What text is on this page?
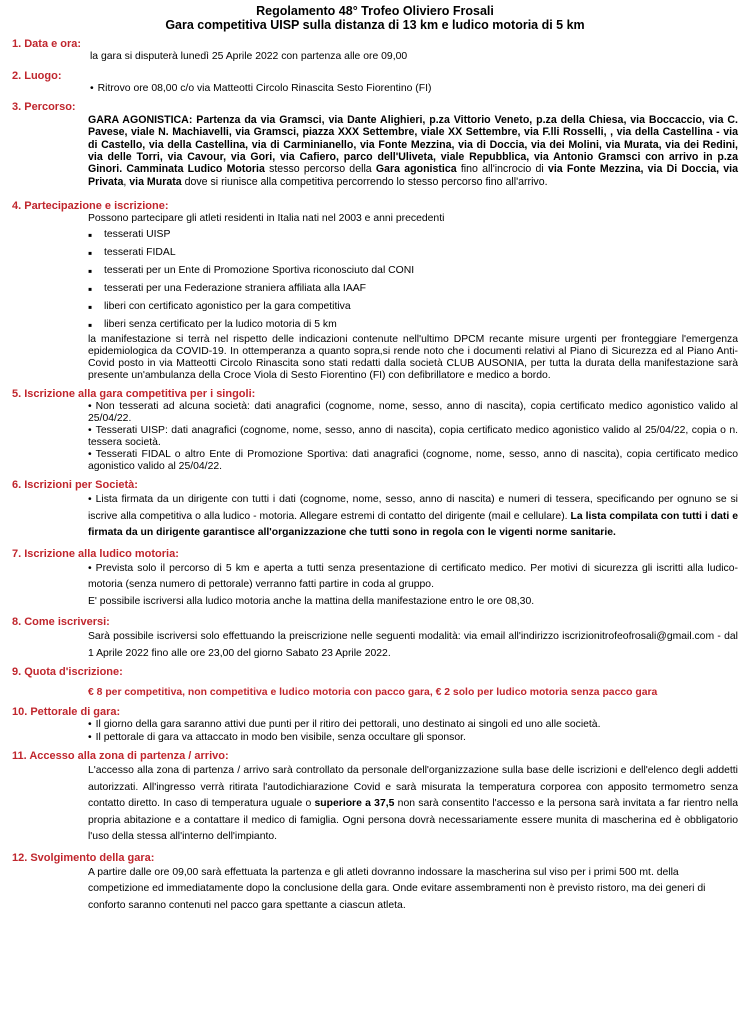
Regolamento 48° Trofeo Oliviero Frosali
Gara competitiva UISP sulla distanza di 13 km e ludico motoria di 5 km
1. Data e ora:
la gara si disputerà lunedì 25 Aprile 2022 con partenza alle ore 09,00
2. Luogo:
• Ritrovo ore 08,00 c/o via Matteotti Circolo Rinascita Sesto Fiorentino (FI)
3. Percorso:
GARA AGONISTICA: Partenza da via Gramsci, via Dante Alighieri, p.za Vittorio Veneto, p.za della Chiesa, via Boccaccio, via C. Pavese, viale N. Machiavelli, via Gramsci, piazza XXX Settembre, viale XX Settembre, via F.lli Rosselli, , via della Castellina - via di Castello, via della Castellina, via di Carminianello, via Fonte Mezzina, via di Doccia, via dei Molini, via Murata, via dei Redini, via delle Torri, via Cavour, via Gori, via Cafiero, parco dell'Uliveta, viale Repubblica, via Antonio Gramsci con arrivo in p.za Ginori. Camminata Ludico Motoria stesso percorso della Gara agonistica fino all'incrocio di via Fonte Mezzina, via Di Doccia, via Privata, via Murata dove si riunisce alla competitiva percorrendo lo stesso percorso fino all'arrivo.
4. Partecipazione e iscrizione:
Possono partecipare gli atleti residenti in Italia nati nel 2003 e anni precedenti
▪ tesserati UISP
▪ tesserati FIDAL
▪ tesserati per un Ente di Promozione Sportiva riconosciuto dal CONI
▪ tesserati per una Federazione straniera affiliata alla IAAF
▪ liberi con certificato agonistico per la gara competitiva
▪ liberi senza certificato per la ludico motoria di 5 km
la manifestazione si terrà nel rispetto delle indicazioni contenute nell'ultimo DPCM recante misure urgenti per fronteggiare l'emergenza epidemiologica da COVID-19. In ottemperanza a quanto sopra,si rende noto che i documenti relativi al Piano di Sicurezza ed al Piano Anti-Covid posto in via Matteotti Circolo Rinascita sono stati redatti dalla società CLUB AUSONIA, per tutta la durata della manifestazione sarà presente un'ambulanza della Croce Viola di Sesto Fiorentino (FI) con defibrillatore e medico a bordo.
5. Iscrizione alla gara competitiva per i singoli:
• Non tesserati ad alcuna società: dati anagrafici (cognome, nome, sesso, anno di nascita), copia certificato medico agonistico valido al 25/04/22.
• Tesserati UISP: dati anagrafici (cognome, nome, sesso, anno di nascita), copia certificato medico agonistico valido al 25/04/22, copia o n. tessera società.
• Tesserati FIDAL o altro Ente di Promozione Sportiva: dati anagrafici (cognome, nome, sesso, anno di nascita), copia certificato medico agonistico valido al 25/04/22.
6. Iscrizioni per Società:
• Lista firmata da un dirigente con tutti i dati (cognome, nome, sesso, anno di nascita) e numeri di tessera, specificando per ognuno se si iscrive alla competitiva o alla ludico - motoria. Allegare estremi di contatto del dirigente (mail e cellulare). La lista compilata con tutti i dati e firmata da un dirigente garantisce all'organizzazione che tutti sono in regola con le vigenti norme sanitarie.
7. Iscrizione alla ludico motoria:
• Prevista solo il percorso di 5 km e aperta a tutti senza presentazione di certificato medico. Per motivi di sicurezza gli iscritti alla ludico-motoria (senza numero di pettorale) verranno fatti partire in coda al gruppo.
E' possibile iscriversi alla ludico motoria anche la mattina della manifestazione entro le ore 08,30.
8. Come iscriversi:
Sarà possibile iscriversi solo effettuando la preiscrizione nelle seguenti modalità: via email all'indirizzo iscrizionitrofeofrosali@gmail.com - dal 1 Aprile 2022 fino alle ore 23,00 del giorno Sabato 23 Aprile 2022.
9. Quota d'iscrizione:
€ 8 per competitiva, non competitiva e ludico motoria con pacco gara, € 2 solo per ludico motoria senza pacco gara
10. Pettorale di gara:
• Il giorno della gara saranno attivi due punti per il ritiro dei pettorali, uno destinato ai singoli ed uno alle società.
• Il pettorale di gara va attaccato in modo ben visibile, senza occultare gli sponsor.
11. Accesso alla zona di partenza / arrivo:
L'accesso alla zona di partenza / arrivo sarà controllato da personale dell'organizzazione sulla base delle iscrizioni e dell'elenco degli addetti autorizzati. All'ingresso verrà ritirata l'autodichiarazione Covid e sarà misurata la temperatura corporea con apposito termometro senza contatto diretto. In caso di temperatura uguale o superiore a 37,5 non sarà consentito l'accesso e la persona sarà invitata a far rientro nella propria abitazione e a contattare il medico di famiglia. Ogni persona dovrà necessariamente essere munita di mascherina ed è obbligatorio l'uso della stessa all'interno dell'impianto.
12. Svolgimento della gara:
A partire dalle ore 09,00 sarà effettuata la partenza e gli atleti dovranno indossare la mascherina sul viso per i primi 500 mt. della competizione ed immediatamente dopo la conclusione della gara. Onde evitare assembramenti non è previsto ristoro, ma dei generi di conforto saranno contenuti nel pacco gara spettante a ciascun atleta.
